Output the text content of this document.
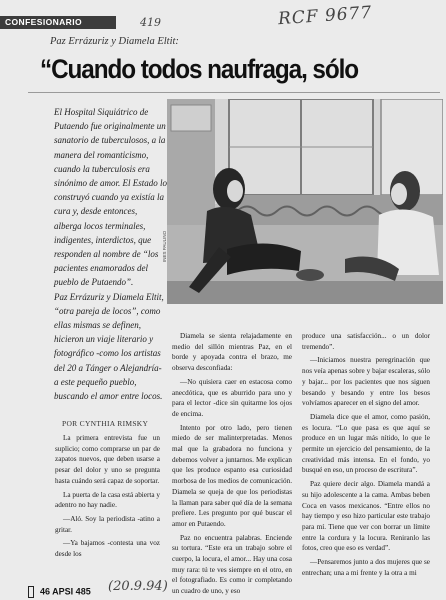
CONFESIONARIO	419	RCF 9677
Paz Errázuriz y Diamela Eltit:
“Cuando todos naufraga, sólo

El Hospital Siquiátrico de Putaendo fue originalmente un sanatorio de tuberculosos, a la manera del romanticismo, cuando la tuberculosis era sinónimo de amor. El Estado lo construyó cuando ya existía la cura y, desde entonces, alberga locos terminales, indigentes, interdictos, que responden al nombre de “los pacientes enamorados del pueblo de Putaendo”.

Paz Errázuriz y Diamela Eltit, “otra pareja de locos”, como ellas mismas se definen, hicieron un viaje literario y fotográfico -como los artistas del 20 a Tánger o Alejandría- a este pequeño pueblo, buscando el amor entre locos.

INES PAULINO
POR CYNTHIA RIMSKY

La primera entrevista fue un suplicio; como comprarse un par de zapatos nuevos, que deben usarse a pesar del dolor y uno se pregunta hasta cuándo será capaz de soportar.

La puerta de la casa está abierta y adentro no hay nadie.

—Aló. Soy la periodista -atino a gritar.

—Ya bajamos -contesta una voz desde los

Diamela se sienta relajadamente en medio del sillón mientras Paz, en el borde y apoyada contra el brazo, me observa desconfiada:

—No quisiera caer en estacosa como anecdótica, que es aburrido para uno y para el lector -dice sin quitarme los ojos de encima.

Intento por otro lado, pero tienen miedo de ser malinterpretadas. Menos mal que la grabadora no funciona y debemos volver a juntarnos. Me explican que les produce espanto esa curiosidad morbosa de los medios de comunicación. Diamela se queja de que los periodistas la llaman para saber qué día de la semana prefiere. Les pregunto por qué buscar el amor en Putaendo.

Paz no encuentra palabras. Enciende su tortura. “Este era un trabajo sobre el cuerpo, la locura, el amor... Hay una cosa muy rara: tú te ves siempre en el otro, en el fotografiado. Es como ir completando un cuadro de uno, y eso

produce una satisfacción... o un dolor tremendo”.

—Iniciamos nuestra peregrinación que nos veía apenas sobre y bajar escaleras, sólo y bajar... por los pacientes que nos siguen besando y besando y entre los besos volvíamos aparecer en el signo del amor.

Diamela dice que el amor, como pasión, es locura. “Lo que pasa es que aquí se produce en un lugar más nítido, lo que le permite un ejercicio del pensamiento, de la creatividad más intensa. En el fondo, yo busqué en eso, un proceso de escritura”.

Paz quiere decir algo. Diamela mandá a su hijo adolescente a la cama. Ambas beben Coca en vasos mexicanos. “Entre ellos no hay tiempo y eso hizo particular este trabajo para mí. Tiene que ver con borrar un límite entre la cordura y la locura. Reniranlo las fotos, creo que eso es verdad”.

—Pensaremos junto a dos mujeres que se entrechan; una a mi frente y la otra a mi

46 APSI 485 (20.9.94)
